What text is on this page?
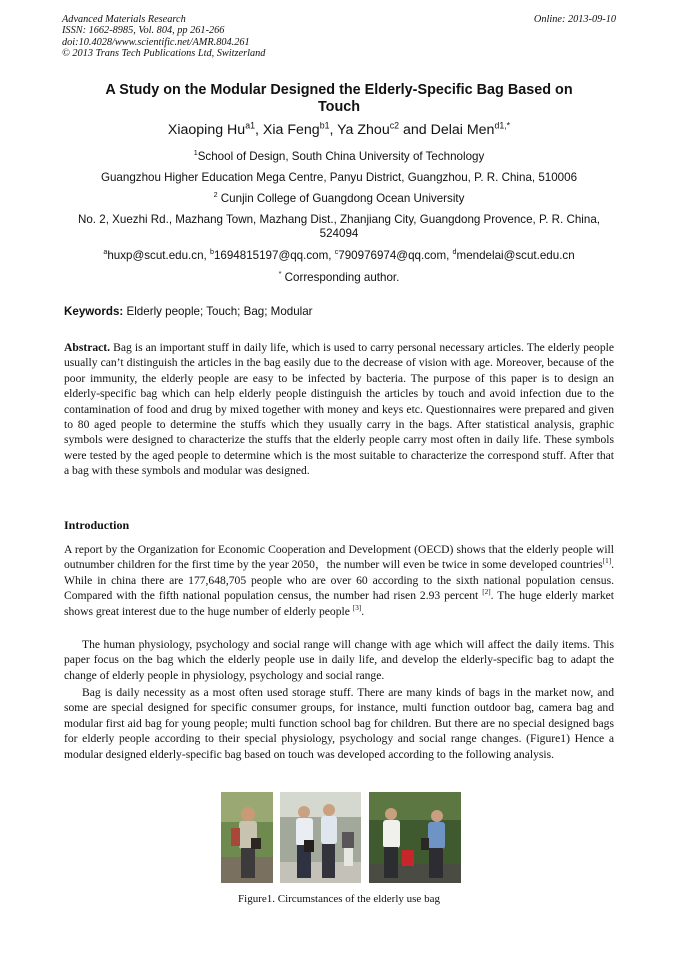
Advanced Materials Research
ISSN: 1662-8985, Vol. 804, pp 261-266
doi:10.4028/www.scientific.net/AMR.804.261
© 2013 Trans Tech Publications Ltd, Switzerland
Online: 2013-09-10
A Study on the Modular Designed the Elderly-Specific Bag Based on
Touch
Xiaoping $Hu^{a1}$, Xia Feng$^{b1}$, Ya Zhou$^{c2}$ and Delai Men$^{d1,*}$
$^1$School of Design, South China University of Technology
Guangzhou Higher Education Mega Centre, Panyu District, Guangzhou, P. R. China, 510006
$^2$ Cunjin College of Guangdong Ocean University
No. 2, Xuezhi Rd., Mazhang Town, Mazhang Dist., Zhanjiang City, Guangdong Provence, P. R. China, 524094
$^a$huxp@scut.edu.cn, $^b$1694815197@qq.com, $^c$790976974@qq.com, $^d$mendelai@scut.edu.cn
* Corresponding author.
Keywords: Elderly people; Touch; Bag; Modular

Abstract. Bag is an important stuff in daily life, which is used to carry personal necessary articles. The elderly people usually can’t distinguish the articles in the bag easily due to the decrease of vision with age. Moreover, because of the poor immunity, the elderly people are easy to be infected by bacteria. The purpose of this paper is to design an elderly-specific bag which can help elderly people distinguish the articles by touch and avoid infection due to the contamination of food and drug by mixed together with money and keys etc. Questionnaires were prepared and given to 80 aged people to determine the stuffs which they usually carry in the bags. After statistical analysis, graphic symbols were designed to characterize the stuffs that the elderly people carry most often in daily life. These symbols were tested by the aged people to determine which is the most suitable to characterize the correspond stuff. After that a bag with these symbols and modular was designed.

Introduction

A report by the Organization for Economic Cooperation and Development (OECD) shows that the elderly people will outnumber children for the first time by the year 2050，the number will even be twice in some developed countries[1]. While in china there are 177,648,705 people who are over 60 according to the sixth national population census. Compared with the fifth national population census, the number had risen 2.93 percent [2]. The huge elderly market shows great interest due to the huge number of elderly people [3].

The human physiology, psychology and social range will change with age which will affect the daily items. This paper focus on the bag which the elderly people use in daily life, and develop the elderly-specific bag to adapt the change of elderly people in physiology, psychology and social range.

Bag is daily necessity as a most often used storage stuff. There are many kinds of bags in the market now, and some are special designed for specific consumer groups, for instance, multi function outdoor bag, camera bag and modular first aid bag for young people; multi function school bag for children. But there are no special designed bags for elderly people according to their special physiology, psychology and social range changes. (Figure1) Hence a modular designed elderly-specific bag based on touch was developed according to the following analysis.

Figure1. Circumstances of the elderly use bag
